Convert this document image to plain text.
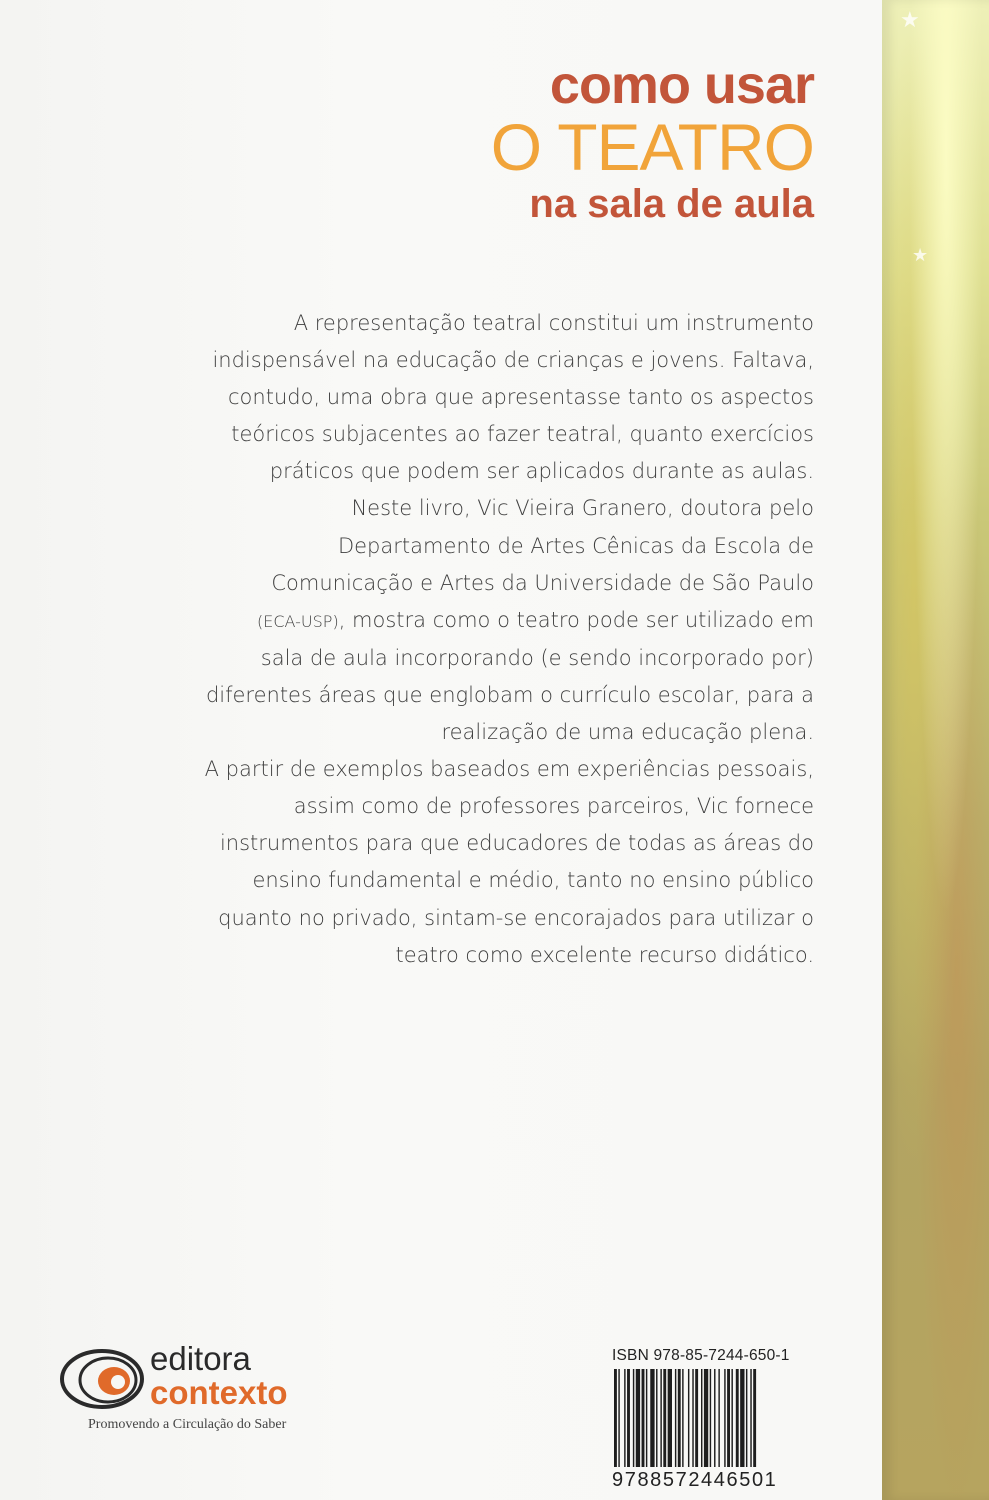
★
★
como usar
O TEATRO
na sala de aula
A representação teatral constitui um instrumento
indispensável na educação de crianças e jovens. Faltava,
contudo, uma obra que apresentasse tanto os aspectos
teóricos subjacentes ao fazer teatral, quanto exercícios
práticos que podem ser aplicados durante as aulas.
Neste livro, Vic Vieira Granero, doutora pelo
Departamento de Artes Cênicas da Escola de
Comunicação e Artes da Universidade de São Paulo
(ECA-USP), mostra como o teatro pode ser utilizado em
sala de aula incorporando (e sendo incorporado por)
diferentes áreas que englobam o currículo escolar, para a
realização de uma educação plena.
A partir de exemplos baseados em experiências pessoais,
assim como de professores parceiros, Vic fornece
instrumentos para que educadores de todas as áreas do
ensino fundamental e médio, tanto no ensino público
quanto no privado, sintam-se encorajados para utilizar o
teatro como excelente recurso didático.
editora
contexto
Promovendo a Circulação do Saber
ISBN 978-85-7244-650-1
9788572446501
